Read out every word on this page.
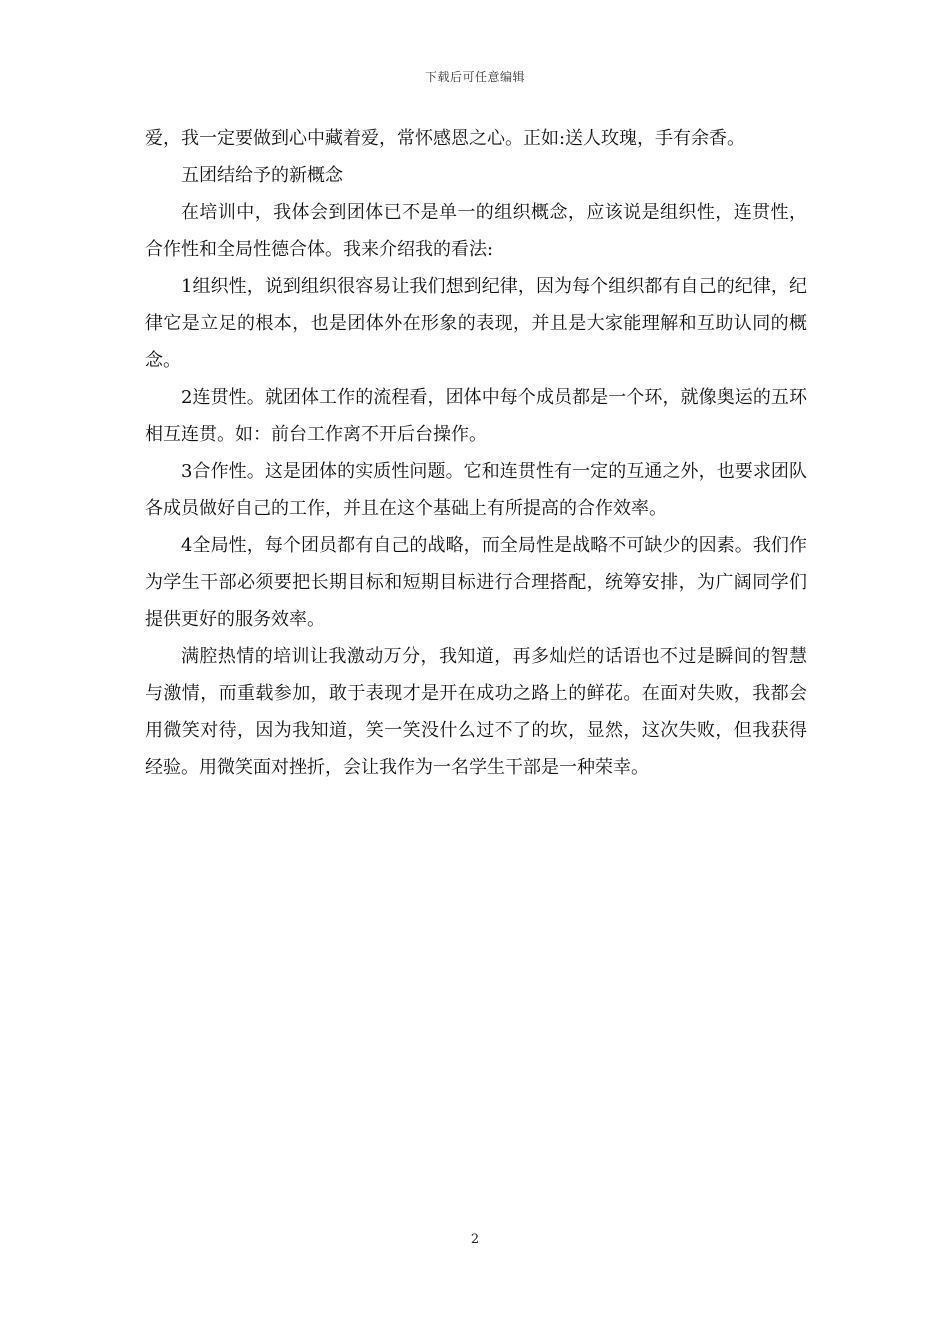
下载后可任意编辑

爱，我一定要做到心中藏着爱，常怀感恩之心。正如:送人玫瑰，手有余香。

五团结给予的新概念

在培训中，我体会到团体已不是单一的组织概念，应该说是组织性，连贯性，合作性和全局性德合体。我来介绍我的看法:

1组织性，说到组织很容易让我们想到纪律，因为每个组织都有自己的纪律，纪律它是立足的根本，也是团体外在形象的表现，并且是大家能理解和互助认同的概念。

2连贯性。就团体工作的流程看，团体中每个成员都是一个环，就像奥运的五环相互连贯。如：前台工作离不开后台操作。

3合作性。这是团体的实质性问题。它和连贯性有一定的互通之外，也要求团队各成员做好自己的工作，并且在这个基础上有所提高的合作效率。

4全局性，每个团员都有自己的战略，而全局性是战略不可缺少的因素。我们作为学生干部必须要把长期目标和短期目标进行合理搭配，统筹安排，为广阔同学们提供更好的服务效率。

满腔热情的培训让我激动万分，我知道，再多灿烂的话语也不过是瞬间的智慧与激情，而重载参加，敢于表现才是开在成功之路上的鲜花。在面对失败，我都会用微笑对待，因为我知道，笑一笑没什么过不了的坎，显然，这次失败，但我获得经验。用微笑面对挫折，会让我作为一名学生干部是一种荣幸。

2
